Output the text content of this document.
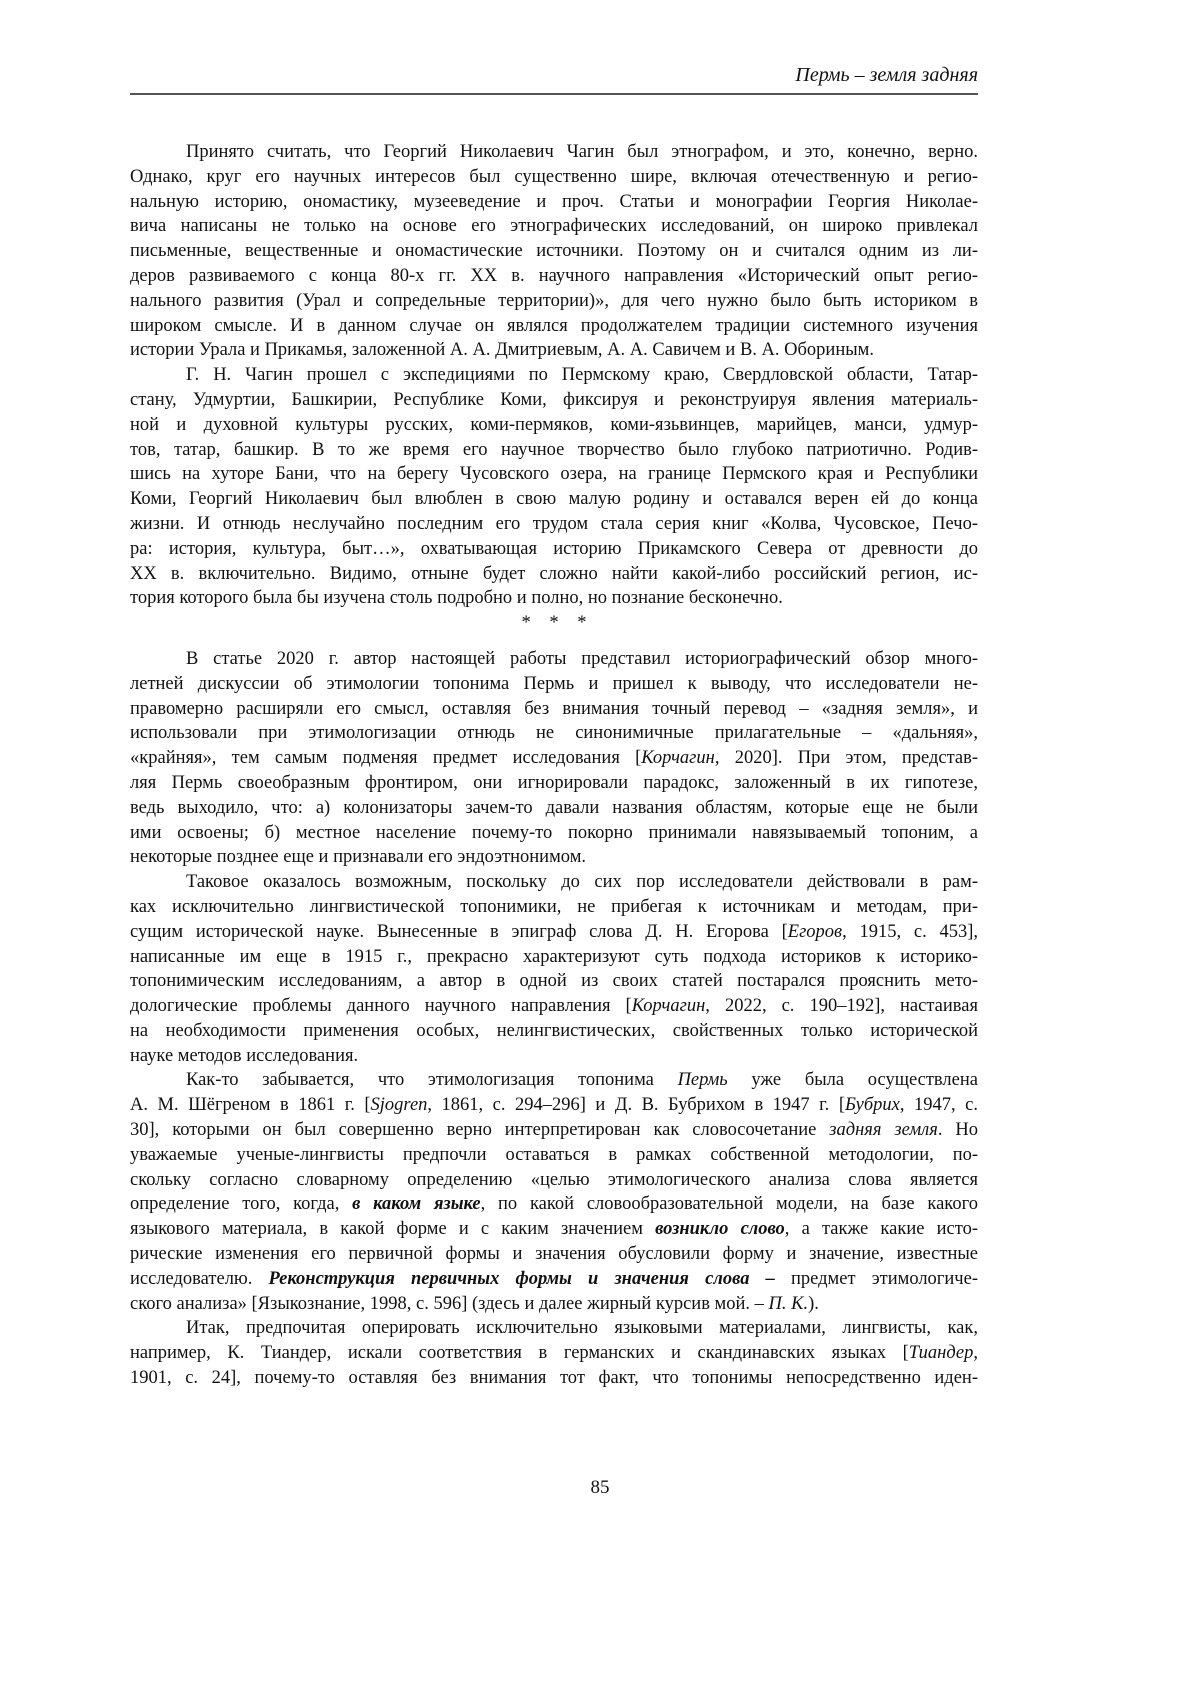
Пермь – земля задняя
Принято считать, что Георгий Николаевич Чагин был этнографом, и это, конечно, верно.
Однако, круг его научных интересов был существенно шире, включая отечественную и регио-
нальную историю, ономастику, музееведение и проч. Статьи и монографии Георгия Николае-
вича написаны не только на основе его этнографических исследований, он широко привлекал
письменные, вещественные и ономастические источники. Поэтому он и считался одним из ли-
деров развиваемого с конца 80-х гг. XX в. научного направления «Исторический опыт регио-
нального развития (Урал и сопредельные территории)», для чего нужно было быть историком в
широком смысле. И в данном случае он являлся продолжателем традиции системного изучения
истории Урала и Прикамья, заложенной А. А. Дмитриевым, А. А. Савичем и В. А. Обориным.
Г. Н. Чагин прошел с экспедициями по Пермскому краю, Свердловской области, Татар-
стану, Удмуртии, Башкирии, Республике Коми, фиксируя и реконструируя явления материаль-
ной и духовной культуры русских, коми-пермяков, коми-язьвинцев, марийцев, манси, удмур-
тов, татар, башкир. В то же время его научное творчество было глубоко патриотично. Родив-
шись на хуторе Бани, что на берегу Чусовского озера, на границе Пермского края и Республики
Коми, Георгий Николаевич был влюблен в свою малую родину и оставался верен ей до конца
жизни. И отнюдь неслучайно последним его трудом стала серия книг «Колва, Чусовское, Печо-
ра: история, культура, быт…», охватывающая историю Прикамского Севера от древности до
XX в. включительно. Видимо, отныне будет сложно найти какой-либо российский регион, ис-
тория которого была бы изучена столь подробно и полно, но познание бесконечно.
* * *
В статье 2020 г. автор настоящей работы представил историографический обзор много-
летней дискуссии об этимологии топонима Пермь и пришел к выводу, что исследователи не-
правомерно расширяли его смысл, оставляя без внимания точный перевод – «задняя земля», и
использовали при этимологизации отнюдь не синонимичные прилагательные – «дальняя»,
«крайняя», тем самым подменяя предмет исследования [Корчагин, 2020]. При этом, представ-
ляя Пермь своеобразным фронтиром, они игнорировали парадокс, заложенный в их гипотезе,
ведь выходило, что: а) колонизаторы зачем-то давали названия областям, которые еще не были
ими освоены; б) местное население почему-то покорно принимали навязываемый топоним, а
некоторые позднее еще и признавали его эндоэтнонимом.
Таковое оказалось возможным, поскольку до сих пор исследователи действовали в рам-
ках исключительно лингвистической топонимики, не прибегая к источникам и методам, при-
сущим исторической науке. Вынесенные в эпиграф слова Д. Н. Егорова [Егоров, 1915, с. 453],
написанные им еще в 1915 г., прекрасно характеризуют суть подхода историков к историко-
топонимическим исследованиям, а автор в одной из своих статей постарался прояснить мето-
дологические проблемы данного научного направления [Корчагин, 2022, с. 190–192], настаивая
на необходимости применения особых, нелингвистических, свойственных только исторической
науке методов исследования.
Как-то забывается, что этимологизация топонима Пермь уже была осуществлена
А. М. Шёгреном в 1861 г. [Sjogren, 1861, с. 294–296] и Д. В. Бубрихом в 1947 г. [Бубрих, 1947, с.
30], которыми он был совершенно верно интерпретирован как словосочетание задняя земля. Но
уважаемые ученые-лингвисты предпочли оставаться в рамках собственной методологии, по-
скольку согласно словарному определению «целью этимологического анализа слова является
определение того, когда, в каком языке, по какой словообразовательной модели, на базе какого
языкового материала, в какой форме и с каким значением возникло слово, а также какие исто-
рические изменения его первичной формы и значения обусловили форму и значение, известные
исследователю. Реконструкция первичных формы и значения слова – предмет этимологиче-
ского анализа» [Языкознание, 1998, с. 596] (здесь и далее жирный курсив мой. – П. К.).
Итак, предпочитая оперировать исключительно языковыми материалами, лингвисты, как,
например, К. Тиандер, искали соответствия в германских и скандинавских языках [Тиандер,
1901, с. 24], почему-то оставляя без внимания тот факт, что топонимы непосредственно иден-
85
